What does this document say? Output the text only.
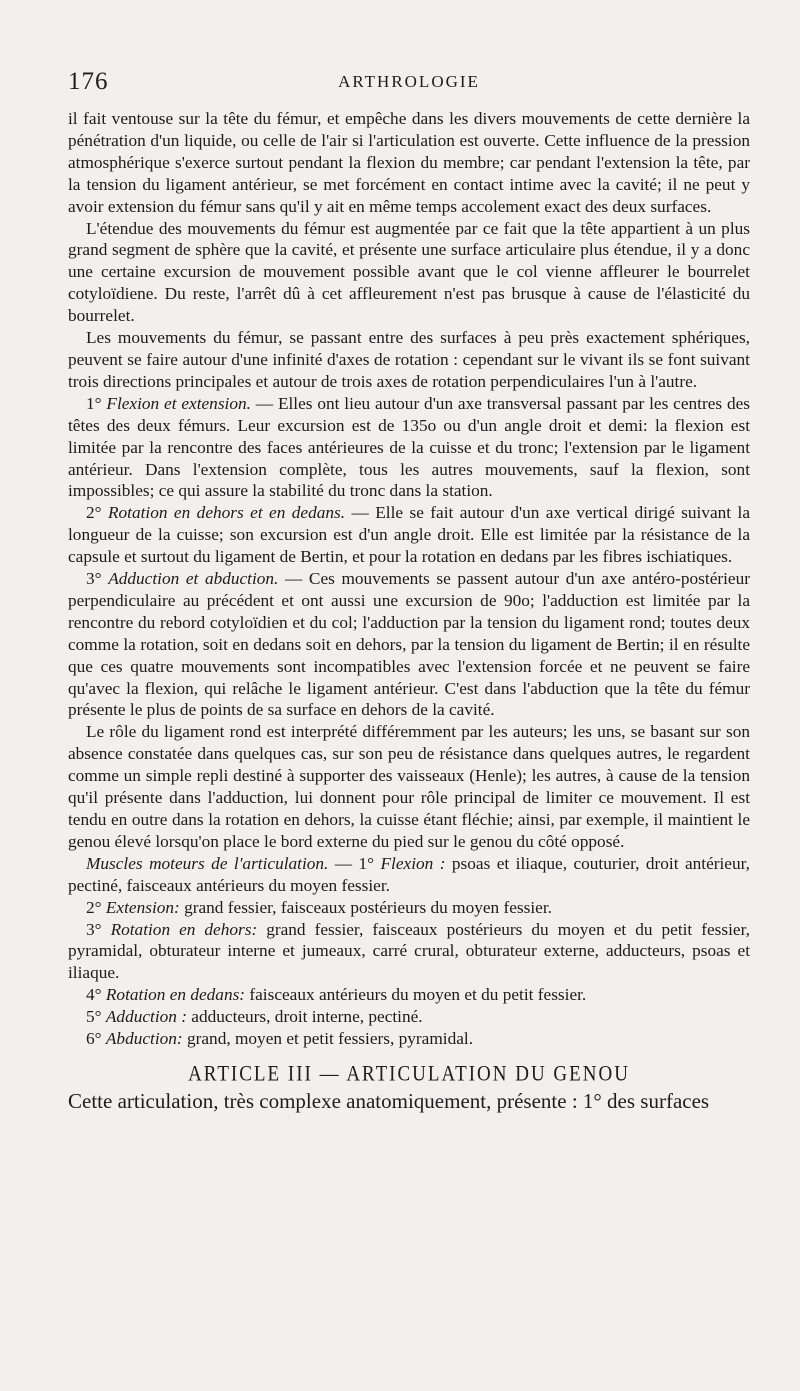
176	ARTHROLOGIE

il fait ventouse sur la tête du fémur, et empêche dans les divers mouvements de cette dernière la pénétration d'un liquide, ou celle de l'air si l'articulation est ouverte. Cette influence de la pression atmosphérique s'exerce surtout pendant la flexion du membre; car pendant l'extension la tête, par la tension du ligament antérieur, se met forcément en contact intime avec la cavité; il ne peut y avoir extension du fémur sans qu'il y ait en même temps accolement exact des deux surfaces.

L'étendue des mouvements du fémur est augmentée par ce fait que la tête appartient à un plus grand segment de sphère que la cavité, et présente une surface articulaire plus étendue, il y a donc une certaine excursion de mouvement possible avant que le col vienne affleurer le bourrelet cotyloïdiene. Du reste, l'arrêt dû à cet affleurement n'est pas brusque à cause de l'élasticité du bourrelet.

Les mouvements du fémur, se passant entre des surfaces à peu près exactement sphériques, peuvent se faire autour d'une infinité d'axes de rotation : cependant sur le vivant ils se font suivant trois directions principales et autour de trois axes de rotation perpendiculaires l'un à l'autre.

1° Flexion et extension. — Elles ont lieu autour d'un axe transversal passant par les centres des têtes des deux fémurs. Leur excursion est de 135o ou d'un angle droit et demi: la flexion est limitée par la rencontre des faces antérieures de la cuisse et du tronc; l'extension par le ligament antérieur. Dans l'extension complète, tous les autres mouvements, sauf la flexion, sont impossibles; ce qui assure la stabilité du tronc dans la station.

2° Rotation en dehors et en dedans. — Elle se fait autour d'un axe vertical dirigé suivant la longueur de la cuisse; son excursion est d'un angle droit. Elle est limitée par la résistance de la capsule et surtout du ligament de Bertin, et pour la rotation en dedans par les fibres ischiatiques.

3° Adduction et abduction. — Ces mouvements se passent autour d'un axe antéro-postérieur perpendiculaire au précédent et ont aussi une excursion de 90o; l'adduction est limitée par la rencontre du rebord cotyloïdien et du col; l'adduction par la tension du ligament rond; toutes deux comme la rotation, soit en dedans soit en dehors, par la tension du ligament de Bertin; il en résulte que ces quatre mouvements sont incompatibles avec l'extension forcée et ne peuvent se faire qu'avec la flexion, qui relâche le ligament antérieur. C'est dans l'abduction que la tête du fémur présente le plus de points de sa surface en dehors de la cavité.

Le rôle du ligament rond est interprété différemment par les auteurs; les uns, se basant sur son absence constatée dans quelques cas, sur son peu de résistance dans quelques autres, le regardent comme un simple repli destiné à supporter des vaisseaux (Henle); les autres, à cause de la tension qu'il présente dans l'adduction, lui donnent pour rôle principal de limiter ce mouvement. Il est tendu en outre dans la rotation en dehors, la cuisse étant fléchie; ainsi, par exemple, il maintient le genou élevé lorsqu'on place le bord externe du pied sur le genou du côté opposé.

Muscles moteurs de l'articulation. — 1° Flexion : psoas et iliaque, couturier, droit antérieur, pectiné, faisceaux antérieurs du moyen fessier.

2° Extension: grand fessier, faisceaux postérieurs du moyen fessier.

3° Rotation en dehors: grand fessier, faisceaux postérieurs du moyen et du petit fessier, pyramidal, obturateur interne et jumeaux, carré crural, obturateur externe, adducteurs, psoas et iliaque.

4° Rotation en dedans: faisceaux antérieurs du moyen et du petit fessier.

5° Adduction : adducteurs, droit interne, pectiné.

6° Abduction: grand, moyen et petit fessiers, pyramidal.

ARTICLE III — ARTICULATION DU GENOU
Cette articulation, très complexe anatomiquement, présente : 1° des surfaces
